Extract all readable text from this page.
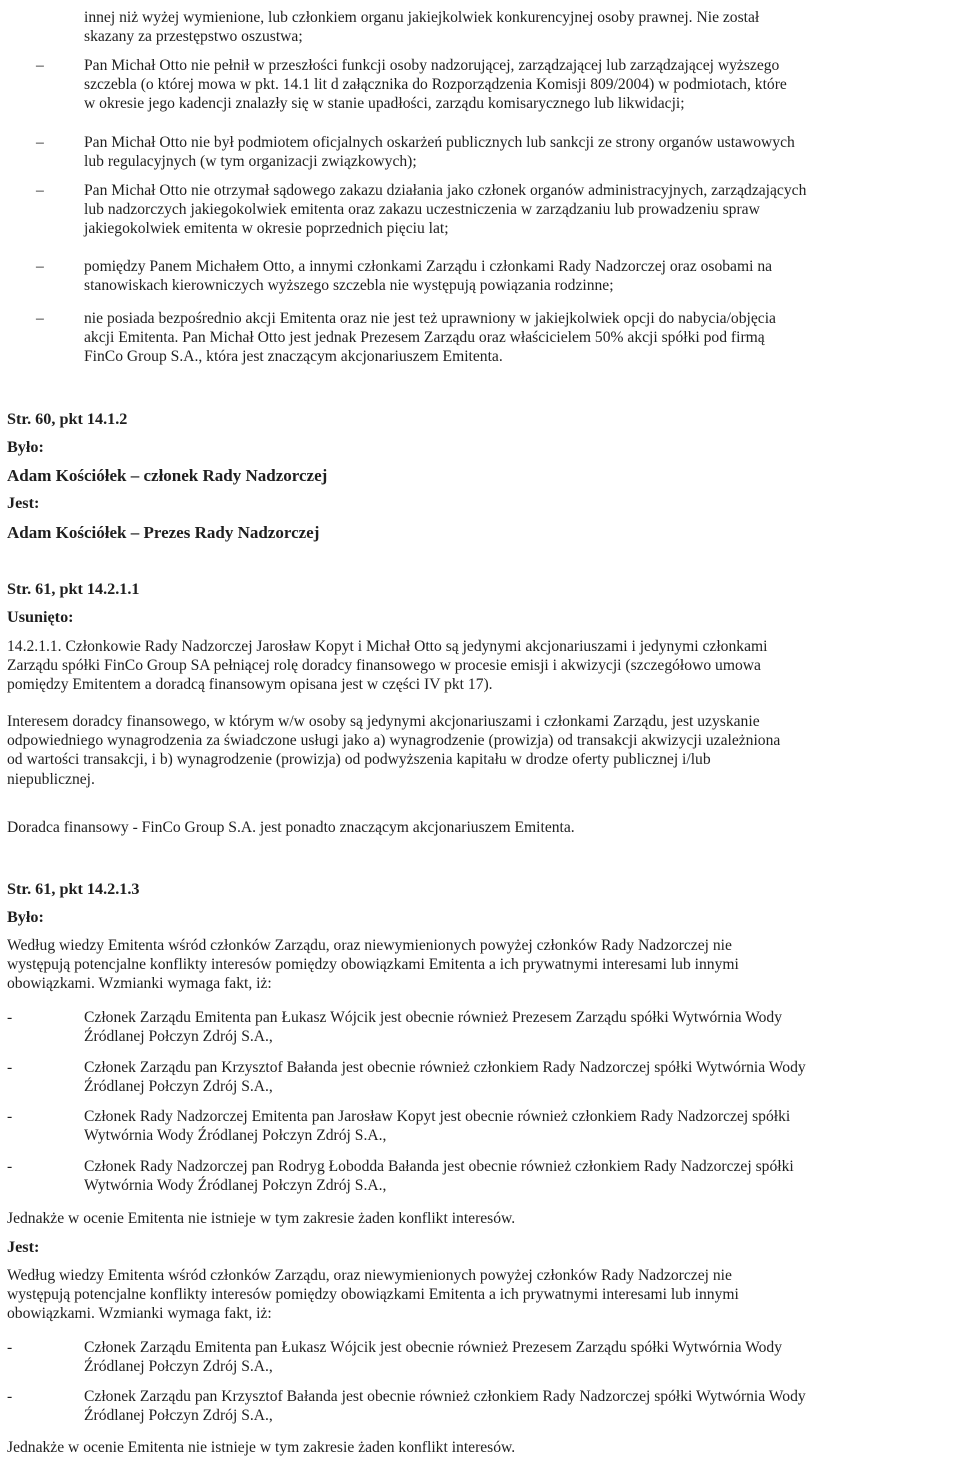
innej niż wyżej wymienione, lub członkiem organu jakiejkolwiek konkurencyjnej osoby prawnej. Nie został
skazany za przestępstwo oszustwa;
–	Pan Michał Otto nie pełnił w przeszłości funkcji osoby nadzorującej, zarządzającej lub zarządzającej wyższego
szczebla (o której mowa w pkt. 14.1 lit d załącznika do Rozporządzenia Komisji 809/2004) w podmiotach, które
w okresie jego kadencji znalazły się w stanie upadłości, zarządu komisarycznego lub likwidacji;
–	Pan Michał Otto nie był podmiotem oficjalnych oskarżeń publicznych lub sankcji ze strony organów ustawowych
lub regulacyjnych (w tym organizacji związkowych);
–	Pan Michał Otto nie otrzymał sądowego zakazu działania jako członek organów administracyjnych, zarządzających
lub nadzorczych jakiegokolwiek emitenta oraz zakazu uczestniczenia w zarządzaniu lub prowadzeniu spraw
jakiegokolwiek emitenta w okresie poprzednich pięciu lat;
–	pomiędzy Panem Michałem Otto, a innymi członkami Zarządu i członkami Rady Nadzorczej oraz osobami na
stanowiskach kierowniczych wyższego szczebla nie występują powiązania rodzinne;
–	nie posiada bezpośrednio akcji Emitenta oraz nie jest też uprawniony w jakiejkolwiek opcji do nabycia/objęcia
akcji Emitenta. Pan Michał Otto jest jednak Prezesem Zarządu oraz właścicielem 50% akcji spółki pod firmą
FinCo Group S.A., która jest znaczącym akcjonariuszem Emitenta.
Str. 60, pkt 14.1.2
Było:
Adam Kościółek – członek Rady Nadzorczej
Jest:
Adam Kościółek – Prezes Rady Nadzorczej
Str. 61, pkt 14.2.1.1
Usunięto:
14.2.1.1. Członkowie Rady Nadzorczej Jarosław Kopyt i Michał Otto są jedynymi akcjonariuszami i jedynymi członkami
Zarządu spółki FinCo Group SA pełniącej rolę doradcy finansowego w procesie emisji i akwizycji (szczegółowo umowa
pomiędzy Emitentem a doradcą finansowym opisana jest w części IV pkt 17).
Interesem doradcy finansowego, w którym w/w osoby są jedynymi akcjonariuszami i członkami Zarządu, jest uzyskanie
odpowiedniego wynagrodzenia za świadczone usługi jako a) wynagrodzenie (prowizja) od transakcji akwizycji uzależniona
od wartości transakcji, i b) wynagrodzenie (prowizja) od podwyższenia kapitału w drodze oferty publicznej i/lub
niepublicznej.
Doradca finansowy - FinCo Group S.A. jest ponadto znaczącym akcjonariuszem Emitenta.
Str. 61, pkt 14.2.1.3
Było:
Według wiedzy Emitenta wśród członków Zarządu, oraz niewymienionych powyżej członków Rady Nadzorczej nie
występują potencjalne konflikty interesów pomiędzy obowiązkami Emitenta a ich prywatnymi interesami lub innymi
obowiązkami. Wzmianki wymaga fakt, iż:
-	Członek Zarządu Emitenta pan Łukasz Wójcik jest obecnie również Prezesem Zarządu spółki Wytwórnia Wody
Źródlanej Połczyn Zdrój S.A.,
-	Członek Zarządu pan Krzysztof Bałanda jest obecnie również członkiem Rady Nadzorczej spółki Wytwórnia Wody
Źródlanej Połczyn Zdrój S.A.,
-	Członek Rady Nadzorczej Emitenta pan Jarosław Kopyt jest obecnie również członkiem Rady Nadzorczej spółki
Wytwórnia Wody Źródlanej Połczyn Zdrój S.A.,
-	Członek Rady Nadzorczej pan Rodryg Łobodda Bałanda jest obecnie również członkiem Rady Nadzorczej spółki
Wytwórnia Wody Źródlanej Połczyn Zdrój S.A.,
Jednakże w ocenie Emitenta nie istnieje w tym zakresie żaden konflikt interesów.
Jest:
Według wiedzy Emitenta wśród członków Zarządu, oraz niewymienionych powyżej członków Rady Nadzorczej nie
występują potencjalne konflikty interesów pomiędzy obowiązkami Emitenta a ich prywatnymi interesami lub innymi
obowiązkami. Wzmianki wymaga fakt, iż:
-	Członek Zarządu Emitenta pan Łukasz Wójcik jest obecnie również Prezesem Zarządu spółki Wytwórnia Wody
Źródlanej Połczyn Zdrój S.A.,
-	Członek Zarządu pan Krzysztof Bałanda jest obecnie również członkiem Rady Nadzorczej spółki Wytwórnia Wody
Źródlanej Połczyn Zdrój S.A.,
Jednakże w ocenie Emitenta nie istnieje w tym zakresie żaden konflikt interesów.
